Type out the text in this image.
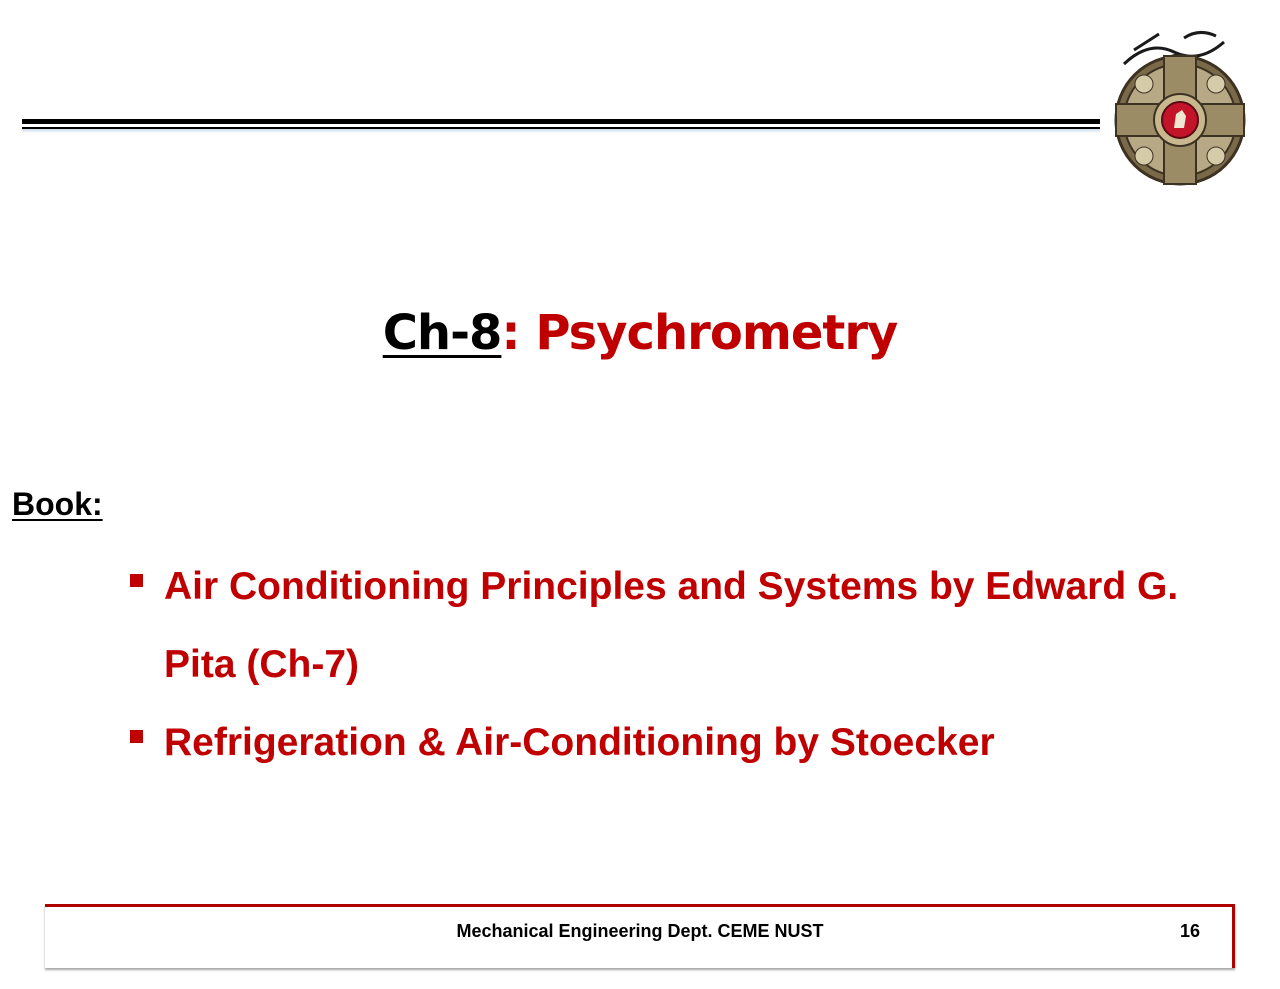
Ch-8: Psychrometry
Book:
Air Conditioning Principles and Systems by Edward G. Pita (Ch-7)
Refrigeration & Air-Conditioning by Stoecker
Mechanical Engineering Dept. CEME NUST	16
